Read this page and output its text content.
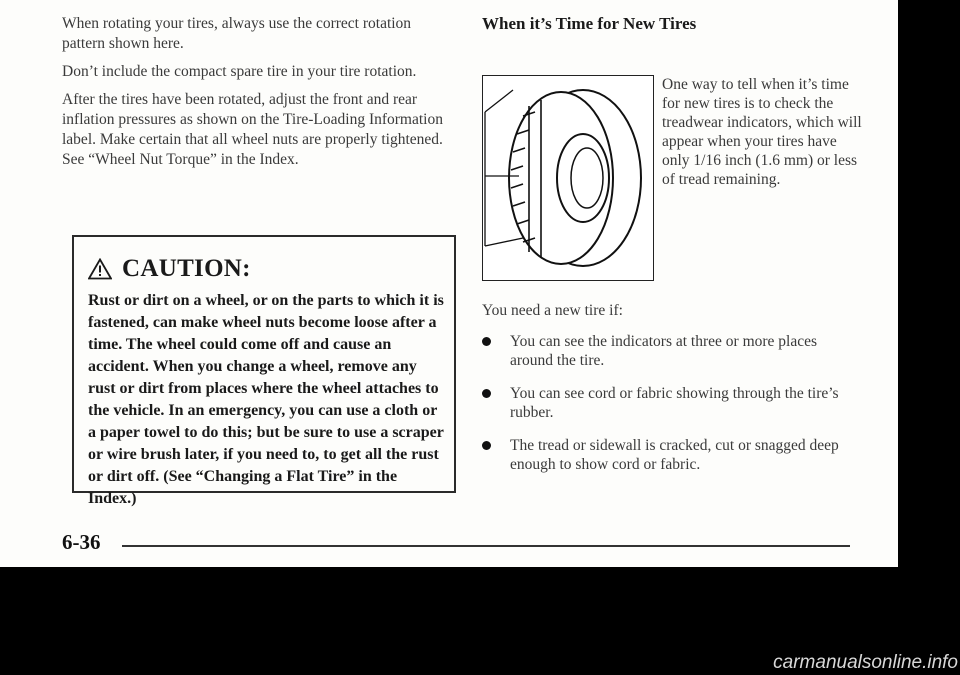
When rotating your tires, always use the correct rotation pattern shown here.

Don’t include the compact spare tire in your tire rotation.

After the tires have been rotated, adjust the front and rear inflation pressures as shown on the Tire-Loading Information label. Make certain that all wheel nuts are properly tightened. See “Wheel Nut Torque” in the Index.

CAUTION:
Rust or dirt on a wheel, or on the parts to which it is fastened, can make wheel nuts become loose after a time. The wheel could come off and cause an accident. When you change a wheel, remove any rust or dirt from places where the wheel attaches to the vehicle. In an emergency, you can use a cloth or a paper towel to do this; but be sure to use a scraper or wire brush later, if you need to, to get all the rust or dirt off. (See “Changing a Flat Tire” in the Index.)
When it’s Time for New Tires
One way to tell when it’s time for new tires is to check the treadwear indicators, which will appear when your tires have only 1/16 inch (1.6 mm) or less of tread remaining.
You need a new tire if:
You can see the indicators at three or more places around the tire.
You can see cord or fabric showing through the tire’s rubber.
The tread or sidewall is cracked, cut or snagged deep enough to show cord or fabric.
6-36
carmanualsonline.info
